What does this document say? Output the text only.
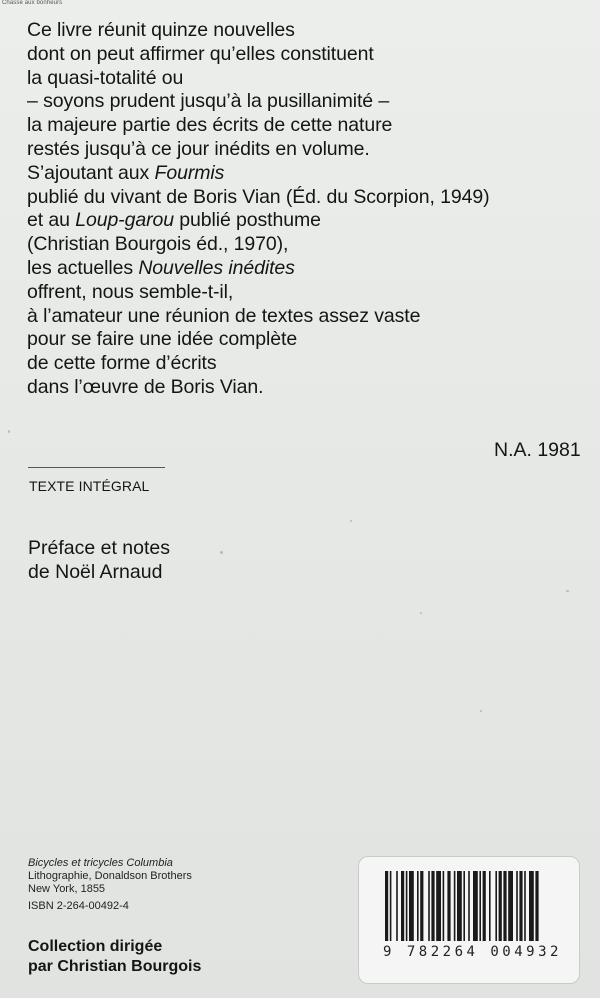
Chasse aux bonheurs
Ce livre réunit quinze nouvelles
dont on peut affirmer qu’elles constituent
la quasi-totalité ou
– soyons prudent jusqu’à la pusillanimité –
la majeure partie des écrits de cette nature
restés jusqu’à ce jour inédits en volume.
S’ajoutant aux Fourmis
publié du vivant de Boris Vian (Éd. du Scorpion, 1949)
et au Loup-garou publié posthume
(Christian Bourgois éd., 1970),
les actuelles Nouvelles inédites
offrent, nous semble-t-il,
à l’amateur une réunion de textes assez vaste
pour se faire une idée complète
de cette forme d’écrits
dans l’œuvre de Boris Vian.
N.A. 1981
TEXTE INTÉGRAL
Préface et notes
de Noël Arnaud
Bicycles et tricycles Columbia
Lithographie, Donaldson Brothers
New York, 1855
ISBN 2-264-00492-4
Collection dirigée
par Christian Bourgois
9 782264 004932
